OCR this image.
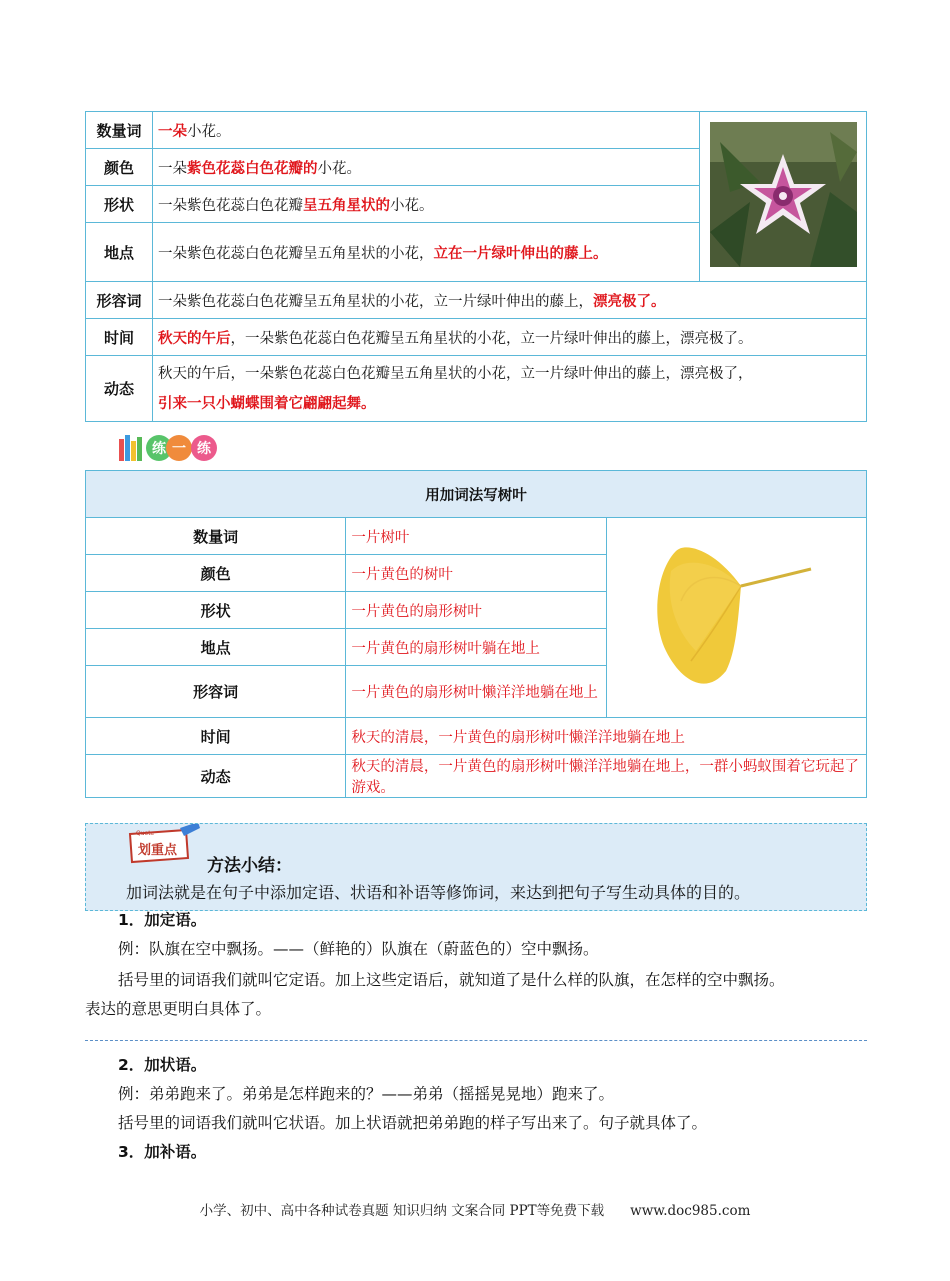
数量词	一朵小花。	
颜色	一朵紫色花蕊白色花瓣的小花。	
形状	一朵紫色花蕊白色花瓣呈五角星状的小花。	
地点	一朵紫色花蕊白色花瓣呈五角星状的小花，立在一片绿叶伸出的藤上。	
形容词	一朵紫色花蕊白色花瓣呈五角星状的小花，立一片绿叶伸出的藤上，漂亮极了。	
时间	秋天的午后，一朵紫色花蕊白色花瓣呈五角星状的小花，立一片绿叶伸出的藤上，漂亮极了。	
动态	秋天的午后，一朵紫色花蕊白色花瓣呈五角星状的小花，立一片绿叶伸出的藤上，漂亮极了，
引来一只小蝴蝶围着它翩翩起舞。	
练 一 练
用加词法写树叶		
数量词	一片树叶	
颜色	一片黄色的树叶	
形状	一片黄色的扇形树叶	
地点	一片黄色的扇形树叶躺在地上	
形容词	一片黄色的扇形树叶懒洋洋地躺在地上	
时间	秋天的清晨，一片黄色的扇形树叶懒洋洋地躺在地上	
动态	秋天的清晨，一片黄色的扇形树叶懒洋洋地躺在地上，一群小蚂蚁围着它玩起了游戏。	
Quote
划重点
方法小结：
加词法就是在句子中添加定语、状语和补语等修饰词，来达到把句子写生动具体的目的。
1．加定语。
例：队旗在空中飘扬。——（鲜艳的）队旗在（蔚蓝色的）空中飘扬。
括号里的词语我们就叫它定语。加上这些定语后，就知道了是什么样的队旗，在怎样的空中飘扬。
表达的意思更明白具体了。
2．加状语。
例：弟弟跑来了。弟弟是怎样跑来的？——弟弟（摇摇晃晃地）跑来了。
括号里的词语我们就叫它状语。加上状语就把弟弟跑的样子写出来了。句子就具体了。
3．加补语。
小学、初中、高中各种试卷真题 知识归纳 文案合同 PPT等免费下载 www.doc985.com
